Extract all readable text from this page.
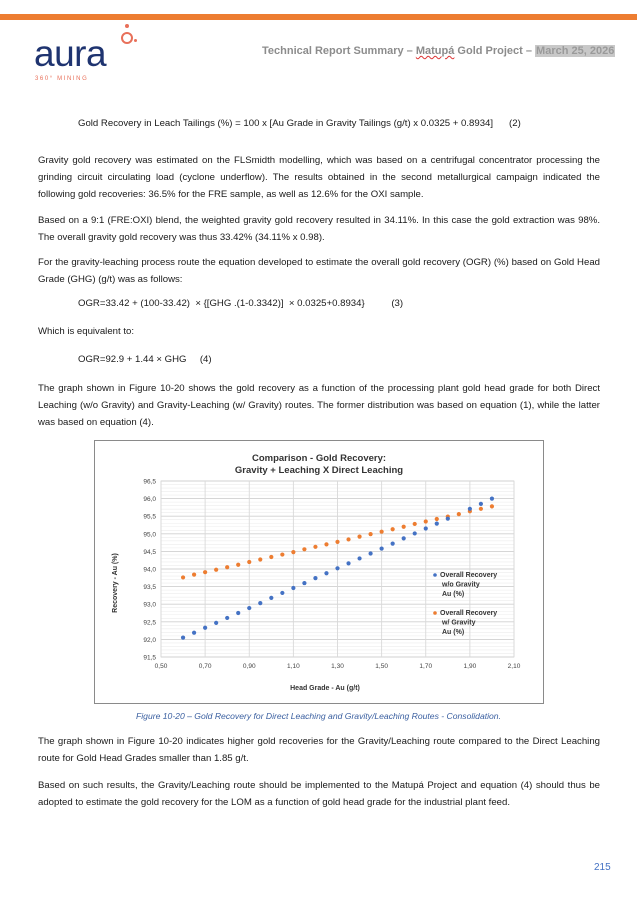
aura
360° MINING
Technical Report Summary – Matupá Gold Project – March 25, 2026
Gold Recovery in Leach Tailings (%) = 100 x [Au Grade in Gravity Tailings (g/t) x 0.0325 + 0.8934]      (2)
Gravity gold recovery was estimated on the FLSmidth modelling, which was based on a centrifugal concentrator processing the grinding circuit circulating load (cyclone underflow). The results obtained in the second metallurgical campaign indicated the following gold recoveries: 36.5% for the FRE sample, as well as 12.6% for the OXI sample.
Based on a 9:1 (FRE:OXI) blend, the weighted gravity gold recovery resulted in 34.11%. In this case the gold extraction was 98%. The overall gravity gold recovery was thus 33.42% (34.11% x 0.98).
For the gravity-leaching process route the equation developed to estimate the overall gold recovery (OGR) (%) based on Gold Head Grade (GHG) (g/t) was as follows:
OGR=33.42 + (100-33.42)  × {[GHG .(1-0.3342)]  × 0.0325+0.8934}          (3)
Which is equivalent to:
OGR=92.9 + 1.44 × GHG     (4)
The graph shown in Figure 10-20 shows the gold recovery as a function of the processing plant gold head grade for both Direct Leaching (w/o Gravity) and Gravity-Leaching (w/ Gravity) routes. The former distribution was based on equation (1), while the latter was based on equation (4).
Comparison - Gold Recovery:
Gravity + Leaching X Direct Leaching
96,5
96,0
95,5
95,0
94,5
94,0
93,5
93,0
92,5
92,0
91,5
0,50	0,70	0,90	1,10	1,30	1,50	1,70	1,90	2,10
Overall Recovery
w/o Gravity
Au (%)
Overall Recovery
w/ Gravity
Au (%)
Head Grade - Au (g/t)
Recovery - Au (%)
Figure 10-20 – Gold Recovery for Direct Leaching and Gravity/Leaching Routes - Consolidation.
The graph shown in Figure 10-20 indicates higher gold recoveries for the Gravity/Leaching route compared to the Direct Leaching route for Gold Head Grades smaller than 1.85 g/t.
Based on such results, the Gravity/Leaching route should be implemented to the Matupá Project and equation (4) should thus be adopted to estimate the gold recovery for the LOM as a function of gold head grade for the industrial plant feed.
215
